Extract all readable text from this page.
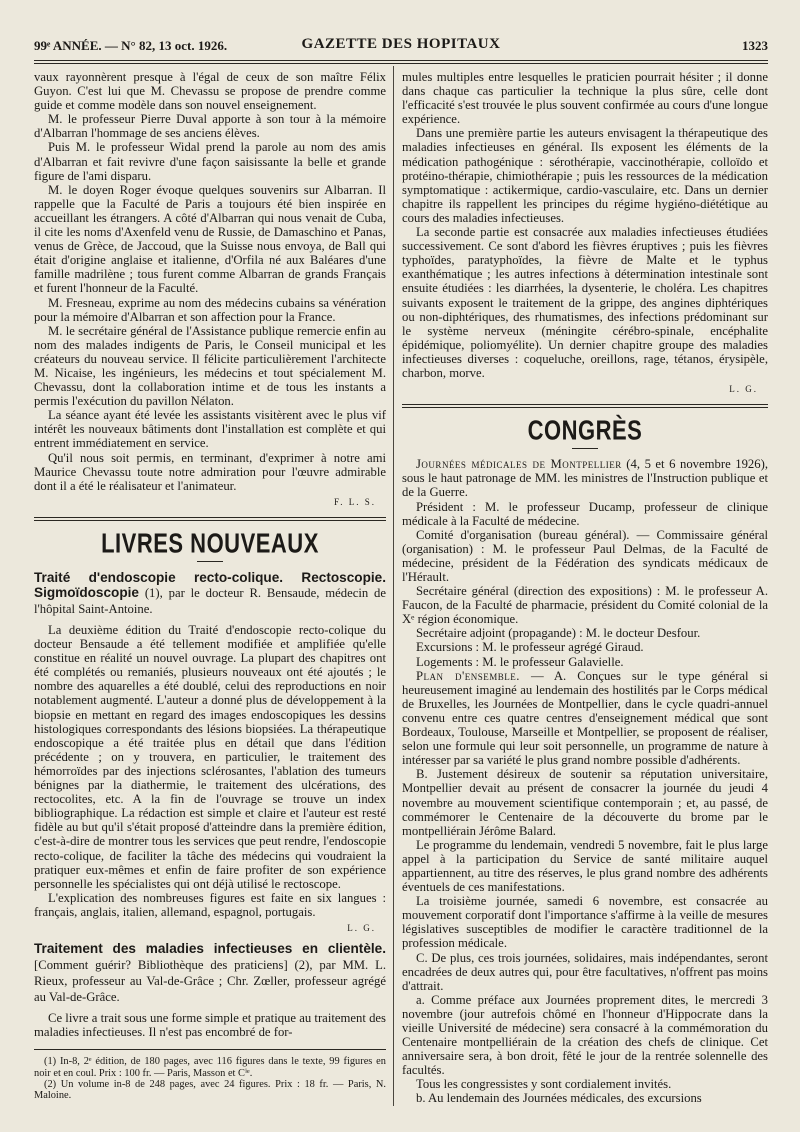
99ᵉ ANNÉE. — N° 82, 13 oct. 1926.	GAZETTE DES HOPITAUX	1323

vaux rayonnèrent presque à l'égal de ceux de son maître Félix Guyon. C'est lui que M. Chevassu se propose de prendre comme guide et comme modèle dans son nouvel enseignement.

M. le professeur Pierre Duval apporte à son tour à la mémoire d'Albarran l'hommage de ses anciens élèves.

Puis M. le professeur Widal prend la parole au nom des amis d'Albarran et fait revivre d'une façon saisissante la belle et grande figure de l'ami disparu.

M. le doyen Roger évoque quelques souvenirs sur Albarran. Il rappelle que la Faculté de Paris a toujours été bien inspirée en accueillant les étrangers. A côté d'Albarran qui nous venait de Cuba, il cite les noms d'Axenfeld venu de Russie, de Damaschino et Panas, venus de Grèce, de Jaccoud, que la Suisse nous envoya, de Ball qui était d'origine anglaise et italienne, d'Orfila né aux Baléares d'une famille madrilène ; tous furent comme Albarran de grands Français et furent l'honneur de la Faculté.

M. Fresneau, exprime au nom des médecins cubains sa vénération pour la mémoire d'Albarran et son affection pour la France.

M. le secrétaire général de l'Assistance publique remercie enfin au nom des malades indigents de Paris, le Conseil municipal et les créateurs du nouveau service. Il félicite particulièrement l'architecte M. Nicaise, les ingénieurs, les médecins et tout spécialement M. Chevassu, dont la collaboration intime et de tous les instants a permis l'exécution du pavillon Nélaton.

La séance ayant été levée les assistants visitèrent avec le plus vif intérêt les nouveaux bâtiments dont l'installation est complète et qui entrent immédiatement en service.

Qu'il nous soit permis, en terminant, d'exprimer à notre ami Maurice Chevassu toute notre admiration pour l'œuvre admirable dont il a été le réalisateur et l'animateur.

F. L. S.

LIVRES NOUVEAUX

Traité d'endoscopie recto-colique. Rectoscopie. Sigmoïdoscopie (1), par le docteur R. Bensaude, médecin de l'hôpital Saint-Antoine.

La deuxième édition du Traité d'endoscopie recto-colique du docteur Bensaude a été tellement modifiée et amplifiée qu'elle constitue en réalité un nouvel ouvrage. La plupart des chapitres ont été complétés ou remaniés, plusieurs nouveaux ont été ajoutés ; le nombre des aquarelles a été doublé, celui des reproductions en noir notablement augmenté. L'auteur a donné plus de développement à la biopsie en mettant en regard des images endoscopiques les dessins histologiques correspondants des lésions biopsiées. La thérapeutique endoscopique a été traitée plus en détail que dans l'édition précédente ; on y trouvera, en particulier, le traitement des hémorroïdes par des injections sclérosantes, l'ablation des tumeurs bénignes par la diathermie, le traitement des ulcérations, des rectocolites, etc. A la fin de l'ouvrage se trouve un index bibliographique. La rédaction est simple et claire et l'auteur est resté fidèle au but qu'il s'était proposé d'atteindre dans la première édition, c'est-à-dire de montrer tous les services que peut rendre, l'endoscopie recto-colique, de faciliter la tâche des médecins qui voudraient la pratiquer eux-mêmes et enfin de faire profiter de son expérience personnelle les spécialistes qui ont déjà utilisé le rectoscope.

L'explication des nombreuses figures est faite en six langues : français, anglais, italien, allemand, espagnol, portugais.

L. G.

Traitement des maladies infectieuses en clientèle. [Comment guérir? Bibliothèque des praticiens] (2), par MM. L. Rieux, professeur au Val-de-Grâce ; Chr. Zœller, professeur agrégé au Val-de-Grâce.

Ce livre a trait sous une forme simple et pratique au traitement des maladies infectieuses. Il n'est pas encombré de for-

(1) In-8, 2ᵉ édition, de 180 pages, avec 116 figures dans le texte, 99 figures en noir et en coul. Prix : 100 fr. — Paris, Masson et Cⁱᵉ.

(2) Un volume in-8 de 248 pages, avec 24 figures. Prix : 18 fr. — Paris, N. Maloine.

mules multiples entre lesquelles le praticien pourrait hésiter ; il donne dans chaque cas particulier la technique la plus sûre, celle dont l'efficacité s'est trouvée le plus souvent confirmée au cours d'une longue expérience.

Dans une première partie les auteurs envisagent la thérapeutique des maladies infectieuses en général. Ils exposent les éléments de la médication pathogénique : sérothérapie, vaccinothérapie, colloïdo et protéino-thérapie, chimiothérapie ; puis les ressources de la médication symptomatique : actikermique, cardio-vasculaire, etc. Dans un dernier chapitre ils rappellent les principes du régime hygiéno-diététique au cours des maladies infectieuses.

La seconde partie est consacrée aux maladies infectieuses étudiées successivement. Ce sont d'abord les fièvres éruptives ; puis les fièvres typhoïdes, paratyphoïdes, la fièvre de Malte et le typhus exanthématique ; les autres infections à détermination intestinale sont ensuite étudiées : les diarrhées, la dysenterie, le choléra. Les chapitres suivants exposent le traitement de la grippe, des angines diphtériques ou non-diphtériques, des rhumatismes, des infections prédominant sur le système nerveux (méningite cérébro-spinale, encéphalite épidémique, poliomyélite). Un dernier chapitre groupe des maladies infectieuses diverses : coqueluche, oreillons, rage, tétanos, érysipèle, charbon, morve.

L. G.

CONGRÈS

Journées médicales de Montpellier (4, 5 et 6 novembre 1926), sous le haut patronage de MM. les ministres de l'Instruction publique et de la Guerre.

Président : M. le professeur Ducamp, professeur de clinique médicale à la Faculté de médecine.

Comité d'organisation (bureau général). — Commissaire général (organisation) : M. le professeur Paul Delmas, de la Faculté de médecine, président de la Fédération des syndicats médicaux de l'Hérault.

Secrétaire général (direction des expositions) : M. le professeur A. Faucon, de la Faculté de pharmacie, président du Comité colonial de la Xᵉ région économique.

Secrétaire adjoint (propagande) : M. le docteur Desfour.

Excursions : M. le professeur agrégé Giraud.

Logements : M. le professeur Galavielle.

Plan d'ensemble. — A. Conçues sur le type général si heureusement imaginé au lendemain des hostilités par le Corps médical de Bruxelles, les Journées de Montpellier, dans le cycle quadri-annuel convenu entre ces quatre centres d'enseignement médical que sont Bordeaux, Toulouse, Marseille et Montpellier, se proposent de réaliser, selon une formule qui leur soit personnelle, un programme de nature à intéresser par sa variété le plus grand nombre possible d'adhérents.

B. Justement désireux de soutenir sa réputation universitaire, Montpellier devait au présent de consacrer la journée du jeudi 4 novembre au mouvement scientifique contemporain ; et, au passé, de commémorer le Centenaire de la découverte du brome par le montpelliérain Jérôme Balard.

Le programme du lendemain, vendredi 5 novembre, fait le plus large appel à la participation du Service de santé militaire auquel appartiennent, au titre des réserves, le plus grand nombre des adhérents éventuels de ces manifestations.

La troisième journée, samedi 6 novembre, est consacrée au mouvement corporatif dont l'importance s'affirme à la veille de mesures législatives susceptibles de modifier le caractère traditionnel de la profession médicale.

C. De plus, ces trois journées, solidaires, mais indépendantes, seront encadrées de deux autres qui, pour être facultatives, n'offrent pas moins d'attrait.

a. Comme préface aux Journées proprement dites, le mercredi 3 novembre (jour autrefois chômé en l'honneur d'Hippocrate dans la vieille Université de médecine) sera consacré à la commémoration du Centenaire montpelliérain de la création des chefs de clinique. Cet anniversaire sera, à bon droit, fêté le jour de la rentrée solennelle des facultés.

Tous les congressistes y sont cordialement invités.

b. Au lendemain des Journées médicales, des excursions
